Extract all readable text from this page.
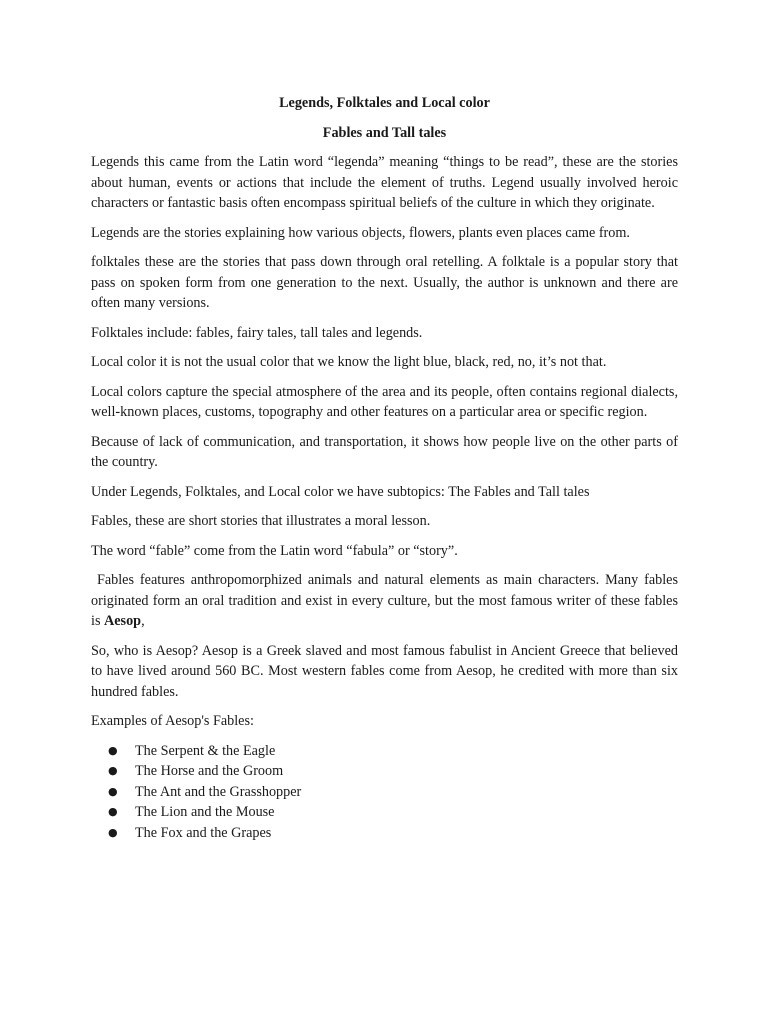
Legends, Folktales and Local color
Fables and Tall tales

Legends this came from the Latin word “legenda” meaning “things to be read”, these are the stories about human, events or actions that include the element of truths. Legend usually involved heroic characters or fantastic basis often encompass spiritual beliefs of the culture in which they originate.

Legends are the stories explaining how various objects, flowers, plants even places came from.

folktales these are the stories that pass down through oral retelling. A folktale is a popular story that pass on spoken form from one generation to the next. Usually, the author is unknown and there are often many versions.

Folktales include: fables, fairy tales, tall tales and legends.

Local color it is not the usual color that we know the light blue, black, red, no, it’s not that.

Local colors capture the special atmosphere of the area and its people, often contains regional dialects, well-known places, customs, topography and other features on a particular area or specific region.

Because of lack of communication, and transportation, it shows how people live on the other parts of the country.

Under Legends, Folktales, and Local color we have subtopics: The Fables and Tall tales

Fables, these are short stories that illustrates a moral lesson.

The word “fable” come from the Latin word “fabula” or “story”.

Fables features anthropomorphized animals and natural elements as main characters. Many fables originated form an oral tradition and exist in every culture, but the most famous writer of these fables is Aesop,

So, who is Aesop? Aesop is a Greek slaved and most famous fabulist in Ancient Greece that believed to have lived around 560 BC. Most western fables come from Aesop, he credited with more than six hundred fables.

Examples of Aesop's Fables:

● The Serpent & the Eagle
● The Horse and the Groom
● The Ant and the Grasshopper
● The Lion and the Mouse
● The Fox and the Grapes
